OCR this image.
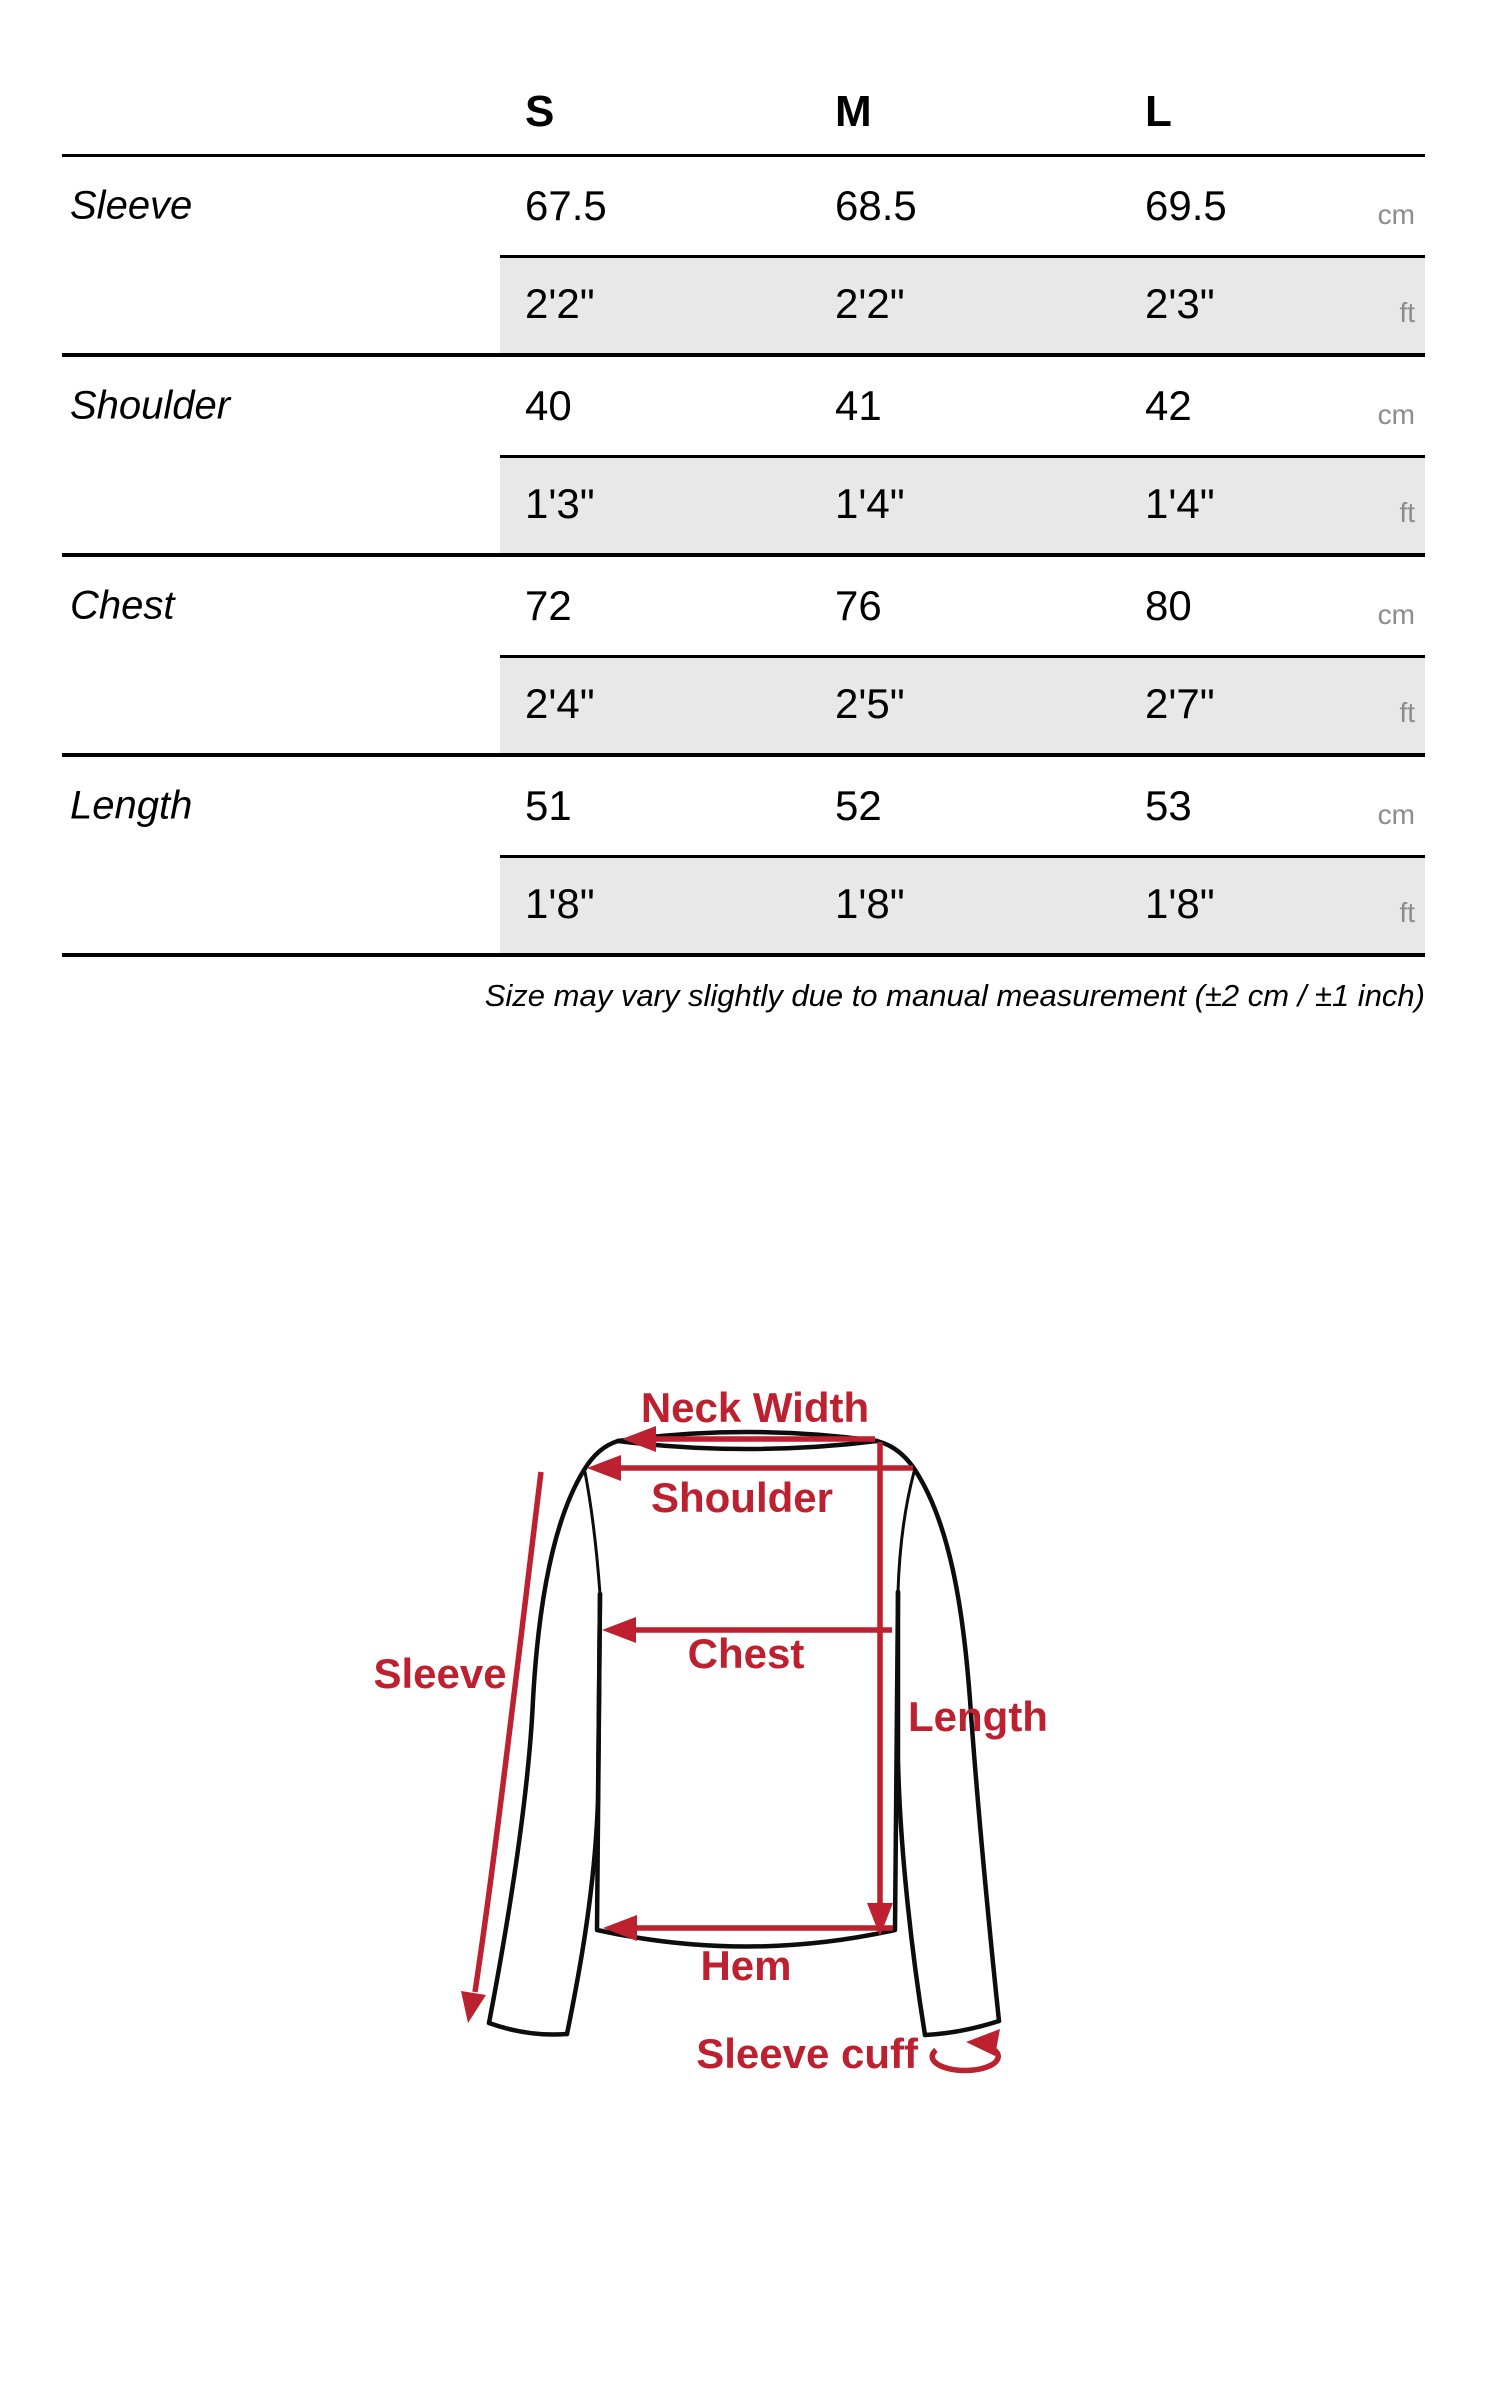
S	M	L
Sleeve	67.5	68.5	69.5	cm
2'2"	2'2"	2'3"	ft
Shoulder	40	41	42	cm
1'3"	1'4"	1'4"	ft
Chest	72	76	80	cm
2'4"	2'5"	2'7"	ft
Length	51	52	53	cm
1'8"	1'8"	1'8"	ft
Size may vary slightly due to manual measurement (±2 cm / ±1 inch)
Neck Width
Shoulder
Chest
Sleeve
Length
Hem
Sleeve cuff
